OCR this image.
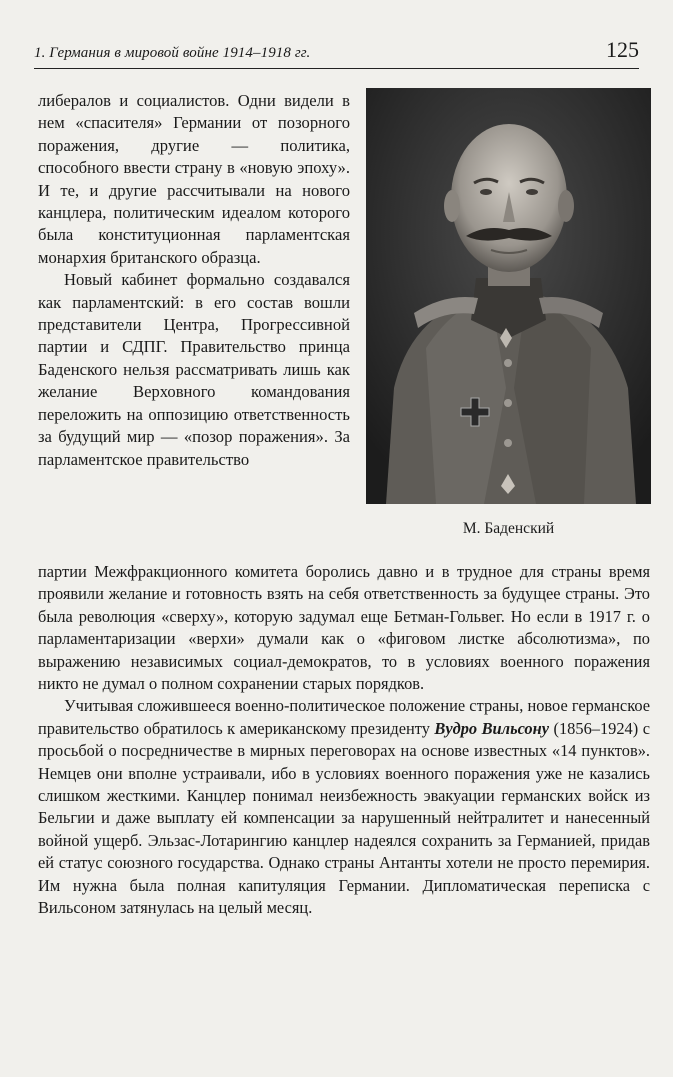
1. Германия в мировой войне 1914–1918 гг.	125

либералов и социалистов. Одни видели в нем «спасителя» Германии от позорного поражения, другие — политика, способного ввести страну в «новую эпоху». И те, и другие рассчитывали на нового канцлера, политическим идеалом которого была конституционная парламентская монархия британского образца.

Новый кабинет формально создавался как парламентский: в его состав вошли представители Центра, Прогрессивной партии и СДПГ. Правительство принца Баденского нельзя рассматривать лишь как желание Верховного командования переложить на оппозицию ответственность за будущий мир — «позор поражения». За парламентское правительство

М. Баденский

партии Межфракционного комитета боролись давно и в трудное для страны время проявили желание и готовность взять на себя ответственность за будущее страны. Это была революция «сверху», которую задумал еще Бетман-Гольвег. Но если в 1917 г. о парламентаризации «верхи» думали как о «фиговом листке абсолютизма», по выражению независимых социал-демократов, то в условиях военного поражения никто не думал о полном сохранении старых порядков.

Учитывая сложившееся военно-политическое положение страны, новое германское правительство обратилось к американскому президенту Вудро Вильсону (1856–1924) с просьбой о посредничестве в мирных переговорах на основе известных «14 пунктов». Немцев они вполне устраивали, ибо в условиях военного поражения уже не казались слишком жесткими. Канцлер понимал неизбежность эвакуации германских войск из Бельгии и даже выплату ей компенсации за нарушенный нейтралитет и нанесенный войной ущерб. Эльзас-Лотарингию канцлер надеялся сохранить за Германией, придав ей статус союзного государства. Однако страны Антанты хотели не просто перемирия. Им нужна была полная капитуляция Германии. Дипломатическая переписка с Вильсоном затянулась на целый месяц.
